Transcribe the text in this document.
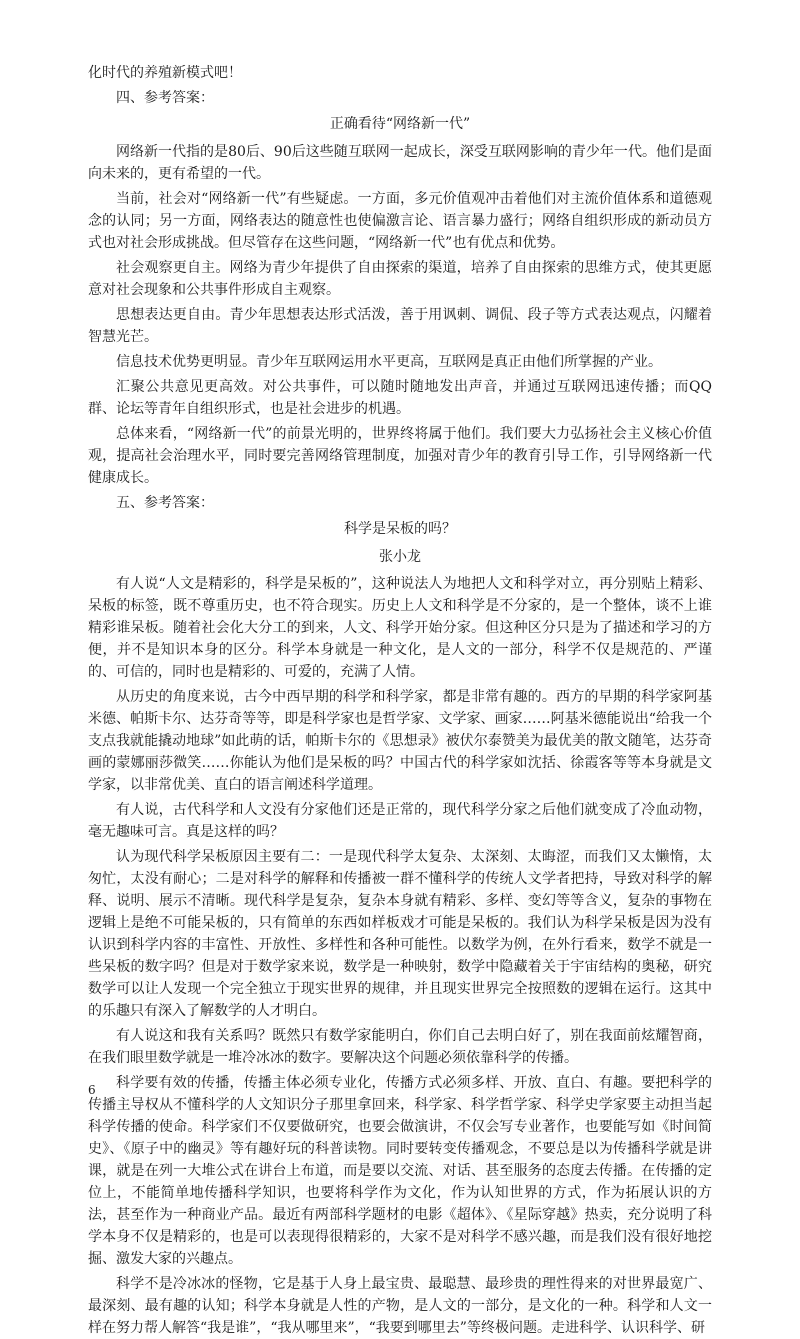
化时代的养殖新模式吧！

四、参考答案：

正确看待“网络新一代”

网络新一代指的是80后、90后这些随互联网一起成长，深受互联网影响的青少年一代。他们是面向未来的，更有希望的一代。

当前，社会对“网络新一代”有些疑虑。一方面，多元价值观冲击着他们对主流价值体系和道德观念的认同；另一方面，网络表达的随意性也使偏激言论、语言暴力盛行；网络自组织形成的新动员方式也对社会形成挑战。但尽管存在这些问题，“网络新一代”也有优点和优势。

社会观察更自主。网络为青少年提供了自由探索的渠道，培养了自由探索的思维方式，使其更愿意对社会现象和公共事件形成自主观察。

思想表达更自由。青少年思想表达形式活泼，善于用讽刺、调侃、段子等方式表达观点，闪耀着智慧光芒。

信息技术优势更明显。青少年互联网运用水平更高，互联网是真正由他们所掌握的产业。

汇聚公共意见更高效。对公共事件，可以随时随地发出声音，并通过互联网迅速传播；而QQ群、论坛等青年自组织形式，也是社会进步的机遇。

总体来看，“网络新一代”的前景光明的，世界终将属于他们。我们要大力弘扬社会主义核心价值观，提高社会治理水平，同时要完善网络管理制度，加强对青少年的教育引导工作，引导网络新一代健康成长。

五、参考答案：

科学是呆板的吗？
张小龙

有人说“人文是精彩的，科学是呆板的”，这种说法人为地把人文和科学对立，再分别贴上精彩、呆板的标签，既不尊重历史，也不符合现实。历史上人文和科学是不分家的，是一个整体，谈不上谁精彩谁呆板。随着社会化大分工的到来，人文、科学开始分家。但这种区分只是为了描述和学习的方便，并不是知识本身的区分。科学本身就是一种文化，是人文的一部分，科学不仅是规范的、严谨的、可信的，同时也是精彩的、可爱的，充满了人情。

从历史的角度来说，古今中西早期的科学和科学家，都是非常有趣的。西方的早期的科学家阿基米德、帕斯卡尔、达芬奇等等，即是科学家也是哲学家、文学家、画家……阿基米德能说出“给我一个支点我就能撬动地球”如此萌的话，帕斯卡尔的《思想录》被伏尔泰赞美为最优美的散文随笔，达芬奇画的蒙娜丽莎微笑……你能认为他们是呆板的吗？中国古代的科学家如沈括、徐霞客等等本身就是文学家，以非常优美、直白的语言阐述科学道理。

有人说，古代科学和人文没有分家他们还是正常的，现代科学分家之后他们就变成了冷血动物，毫无趣味可言。真是这样的吗？

认为现代科学呆板原因主要有二：一是现代科学太复杂、太深刻、太晦涩，而我们又太懒惰，太匆忙，太没有耐心；二是对科学的解释和传播被一群不懂科学的传统人文学者把持，导致对科学的解释、说明、展示不清晰。现代科学是复杂，复杂本身就有精彩、多样、变幻等等含义，复杂的事物在逻辑上是绝不可能呆板的，只有简单的东西如样板戏才可能是呆板的。我们认为科学呆板是因为没有认识到科学内容的丰富性、开放性、多样性和各种可能性。以数学为例，在外行看来，数学不就是一些呆板的数字吗？但是对于数学家来说，数学是一种映射，数学中隐藏着关于宇宙结构的奥秘，研究数学可以让人发现一个完全独立于现实世界的规律，并且现实世界完全按照数的逻辑在运行。这其中的乐趣只有深入了解数学的人才明白。

有人说这和我有关系吗？既然只有数学家能明白，你们自己去明白好了，别在我面前炫耀智商，在我们眼里数学就是一堆冷冰冰的数字。要解决这个问题必须依靠科学的传播。

科学要有效的传播，传播主体必须专业化，传播方式必须多样、开放、直白、有趣。要把科学的传播主导权从不懂科学的人文知识分子那里拿回来，科学家、科学哲学家、科学史学家要主动担当起科学传播的使命。科学家们不仅要做研究，也要会做演讲，不仅会写专业著作，也要能写如《时间简史》、《原子中的幽灵》等有趣好玩的科普读物。同时要转变传播观念，不要总是以为传播科学就是讲课，就是在列一大堆公式在讲台上布道，而是要以交流、对话、甚至服务的态度去传播。在传播的定位上，不能简单地传播科学知识，也要将科学作为文化，作为认知世界的方式，作为拓展认识的方法，甚至作为一种商业产品。最近有两部科学题材的电影《超体》、《星际穿越》热卖，充分说明了科学本身不仅是精彩的，也是可以表现得很精彩的，大家不是对科学不感兴趣，而是我们没有很好地挖掘、激发大家的兴趣点。

科学不是冷冰冰的怪物，它是基于人身上最宝贵、最聪慧、最珍贵的理性得来的对世界最宽广、最深刻、最有趣的认知；科学本身就是人性的产物，是人文的一部分，是文化的一种。科学和人文一样在努力帮人解答“我是谁”，“我从哪里来”，“我要到哪里去”等终极问题。走进科学、认识科学、研

6
